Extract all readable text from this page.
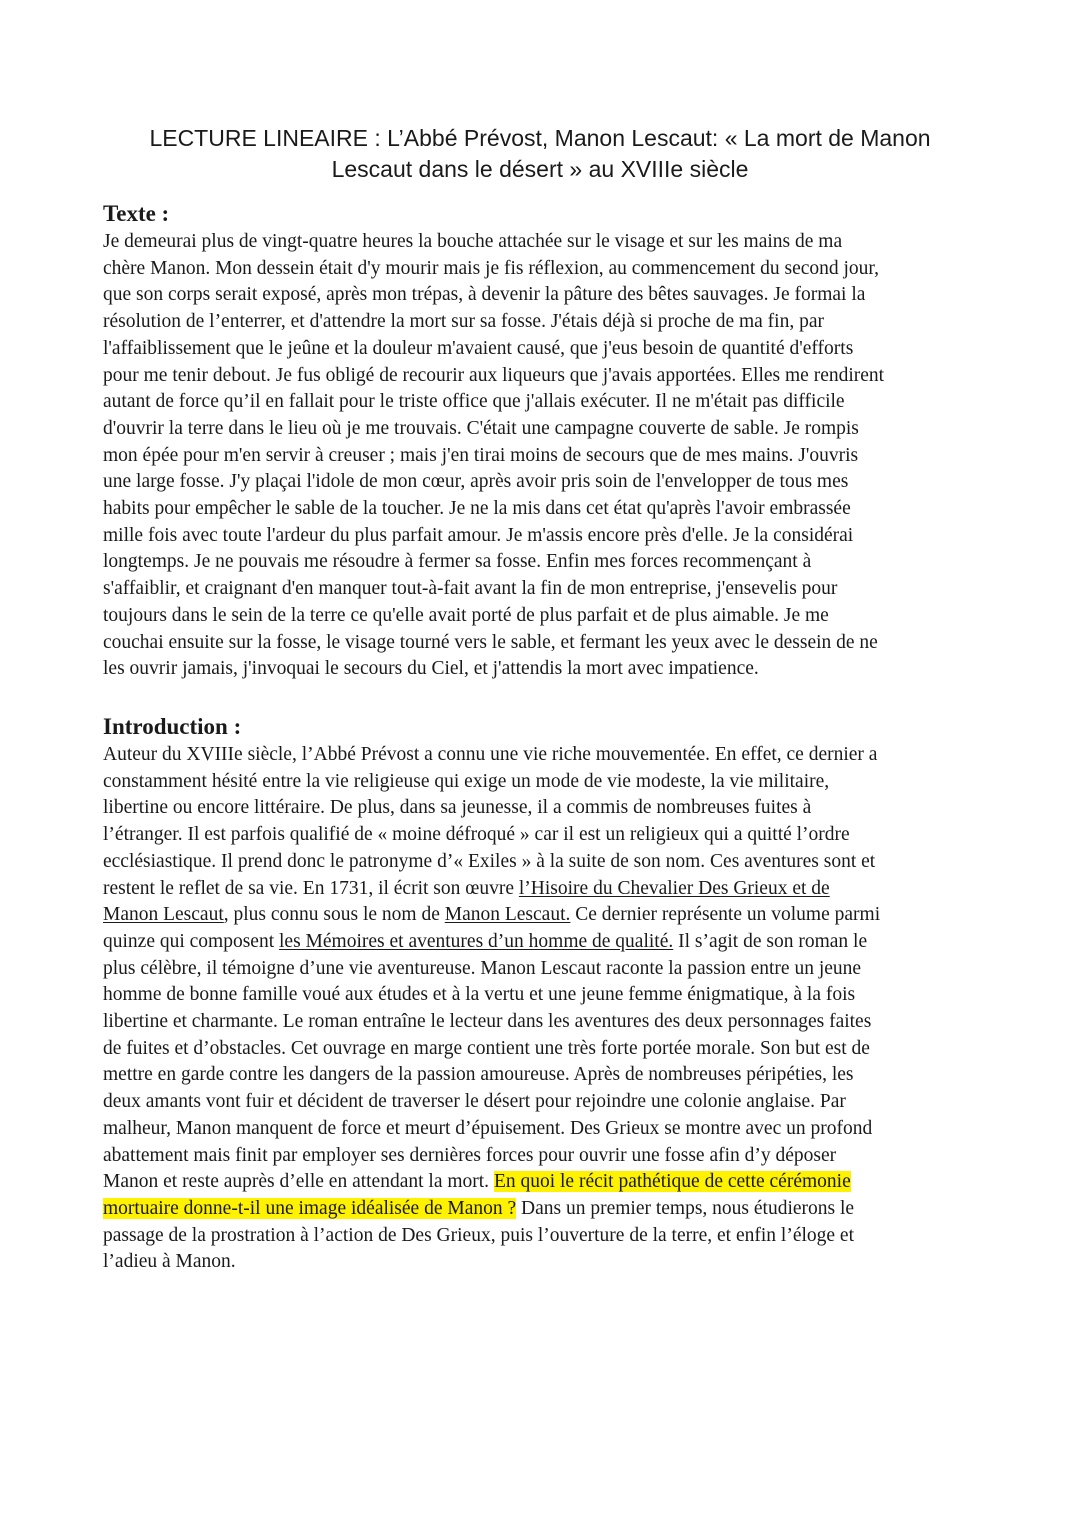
LECTURE LINEAIRE : L’Abbé Prévost, Manon Lescaut: « La mort de Manon
Lescaut dans le désert » au XVIIIe siècle
Texte :
Je demeurai plus de vingt-quatre heures la bouche attachée sur le visage et sur les mains de ma
chère Manon. Mon dessein était d'y mourir mais je fis réflexion, au commencement du second jour,
que son corps serait exposé, après mon trépas, à devenir la pâture des bêtes sauvages. Je formai la
résolution de l’enterrer, et d'attendre la mort sur sa fosse. J'étais déjà si proche de ma fin, par
l'affaiblissement que le jeûne et la douleur m'avaient causé, que j'eus besoin de quantité d'efforts
pour me tenir debout. Je fus obligé de recourir aux liqueurs que j'avais apportées. Elles me rendirent
autant de force qu’il en fallait pour le triste office que j'allais exécuter. Il ne m'était pas difficile
d'ouvrir la terre dans le lieu où je me trouvais. C'était une campagne couverte de sable. Je rompis
mon épée pour m'en servir à creuser ; mais j'en tirai moins de secours que de mes mains. J'ouvris
une large fosse. J'y plaçai l'idole de mon cœur, après avoir pris soin de l'envelopper de tous mes
habits pour empêcher le sable de la toucher. Je ne la mis dans cet état qu'après l'avoir embrassée
mille fois avec toute l'ardeur du plus parfait amour. Je m'assis encore près d'elle. Je la considérai
longtemps. Je ne pouvais me résoudre à fermer sa fosse. Enfin mes forces recommençant à
s'affaiblir, et craignant d'en manquer tout-à-fait avant la fin de mon entreprise, j'ensevelis pour
toujours dans le sein de la terre ce qu'elle avait porté de plus parfait et de plus aimable. Je me
couchai ensuite sur la fosse, le visage tourné vers le sable, et fermant les yeux avec le dessein de ne
les ouvrir jamais, j'invoquai le secours du Ciel, et j'attendis la mort avec impatience.
Introduction :
Auteur du XVIIIe siècle, l’Abbé Prévost a connu une vie riche mouvementée. En effet, ce dernier a
constamment hésité entre la vie religieuse qui exige un mode de vie modeste, la vie militaire,
libertine ou encore littéraire. De plus, dans sa jeunesse, il a commis de nombreuses fuites à
l’étranger. Il est parfois qualifié de « moine défroqué » car il est un religieux qui a quitté l’ordre
ecclésiastique. Il prend donc le patronyme d’« Exiles » à la suite de son nom. Ces aventures sont et
restent le reflet de sa vie. En 1731, il écrit son œuvre l’Hisoire du Chevalier Des Grieux et de
Manon Lescaut, plus connu sous le nom de Manon Lescaut. Ce dernier représente un volume parmi
quinze qui composent les Mémoires et aventures d’un homme de qualité. Il s’agit de son roman le
plus célèbre, il témoigne d’une vie aventureuse. Manon Lescaut raconte la passion entre un jeune
homme de bonne famille voué aux études et à la vertu et une jeune femme énigmatique, à la fois
libertine et charmante. Le roman entraîne le lecteur dans les aventures des deux personnages faites
de fuites et d’obstacles. Cet ouvrage en marge contient une très forte portée morale. Son but est de
mettre en garde contre les dangers de la passion amoureuse. Après de nombreuses péripéties, les
deux amants vont fuir et décident de traverser le désert pour rejoindre une colonie anglaise. Par
malheur, Manon manquent de force et meurt d’épuisement. Des Grieux se montre avec un profond
abattement mais finit par employer ses dernières forces pour ouvrir une fosse afin d’y déposer
Manon et reste auprès d’elle en attendant la mort. En quoi le récit pathétique de cette cérémonie
mortuaire donne-t-il une image idéalisée de Manon ? Dans un premier temps, nous étudierons le
passage de la prostration à l’action de Des Grieux, puis l’ouverture de la terre, et enfin l’éloge et
l’adieu à Manon.
